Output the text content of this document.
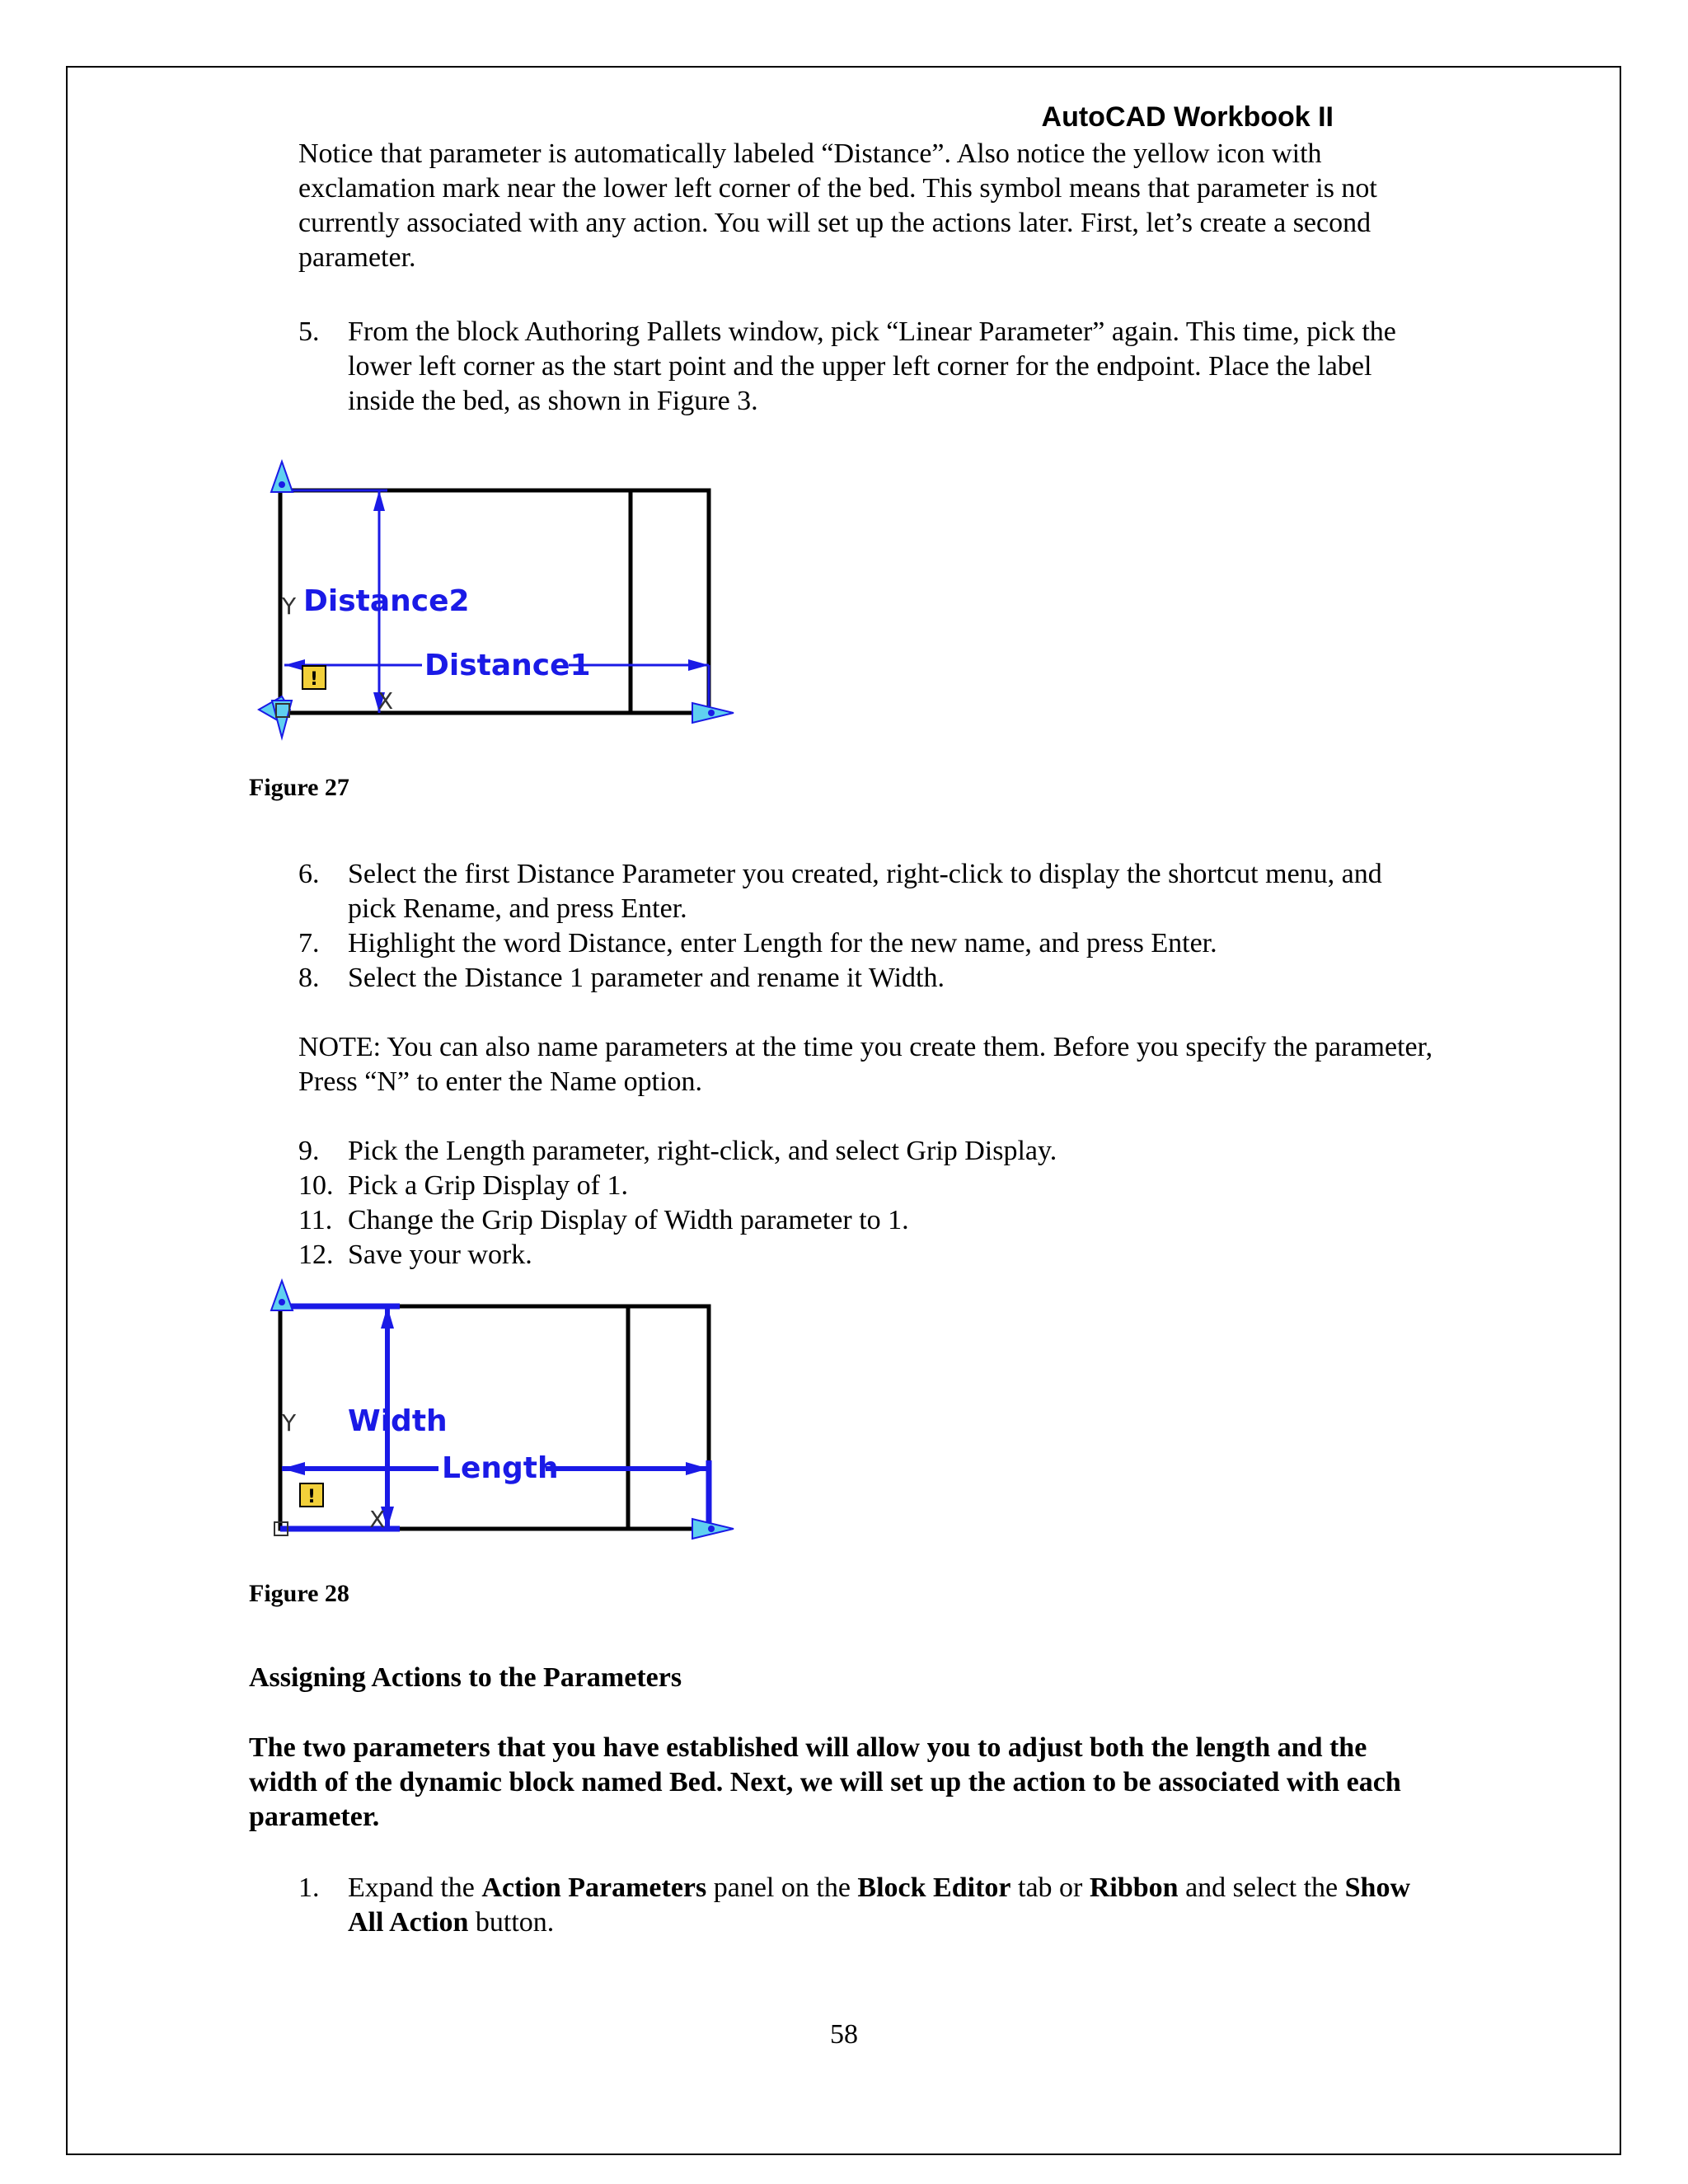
AutoCAD Workbook II

Notice that parameter is automatically labeled “Distance”. Also notice the yellow icon with exclamation mark near the lower left corner of the bed. This symbol means that parameter is not currently associated with any action. You will set up the actions later. First, let’s create a second parameter.

5. From the block Authoring Pallets window, pick “Linear Parameter” again. This time, pick the lower left corner as the start point and the upper left corner for the endpoint. Place the label inside the bed, as shown in Figure 3.
Distance2
Distance1
Y
X
!
Figure 27
6. Select the first Distance Parameter you created, right-click to display the shortcut menu, and pick Rename, and press Enter.
7. Highlight the word Distance, enter Length for the new name, and press Enter.
8. Select the Distance 1 parameter and rename it Width.

NOTE: You can also name parameters at the time you create them. Before you specify the parameter, Press “N” to enter the Name option.

9. Pick the Length parameter, right-click, and select Grip Display.
10. Pick a Grip Display of 1.
11. Change the Grip Display of Width parameter to 1.
12. Save your work.
Width
Length
Y
X
!
Figure 28
Assigning Actions to the Parameters

The two parameters that you have established will allow you to adjust both the length and the width of the dynamic block named Bed. Next, we will set up the action to be associated with each parameter.

1. Expand the Action Parameters panel on the Block Editor tab or Ribbon and select the Show All Action button.
58
